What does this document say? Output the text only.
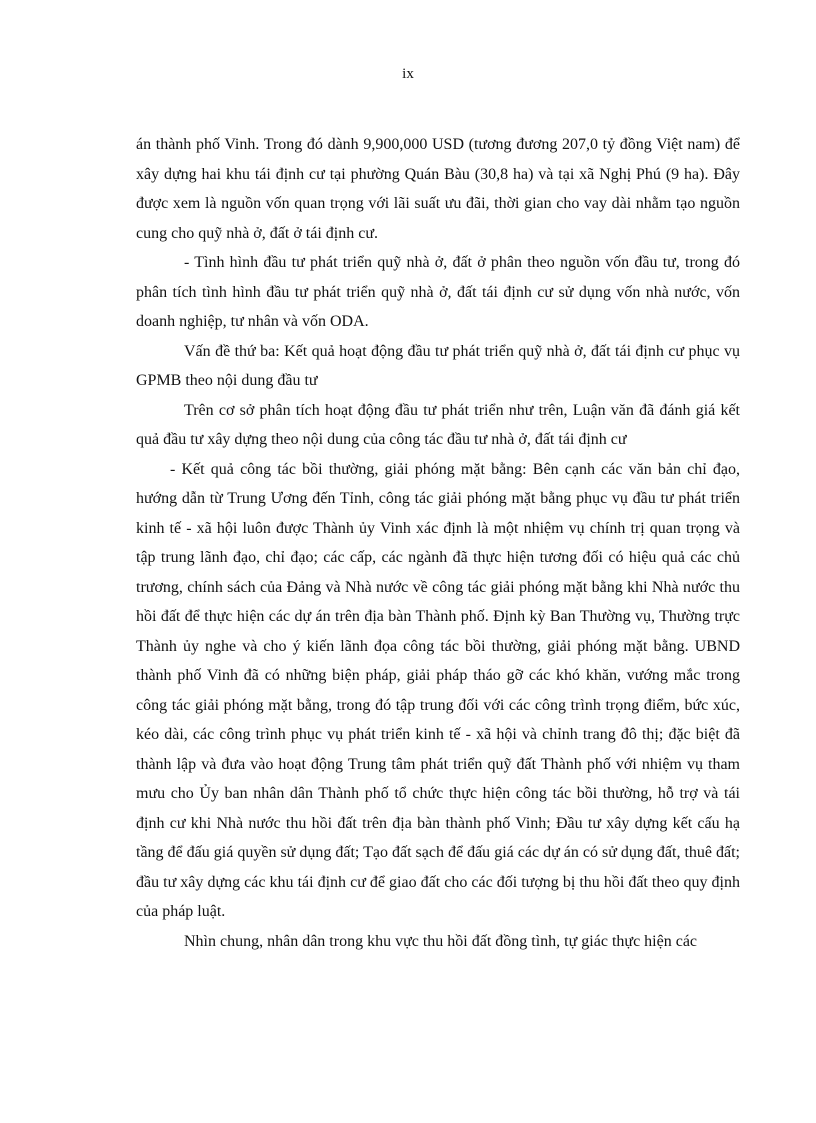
ix

án thành phố Vinh. Trong đó dành 9,900,000 USD (tương đương 207,0 tỷ đồng Việt nam) để xây dựng hai khu tái định cư tại phường Quán Bàu (30,8 ha) và tại xã Nghị Phú (9 ha). Đây được xem là nguồn vốn quan trọng với lãi suất ưu đãi, thời gian cho vay dài nhằm tạo nguồn cung cho quỹ nhà ở, đất ở tái định cư.

- Tình hình đầu tư phát triển quỹ nhà ở, đất ở phân theo nguồn vốn đầu tư, trong đó phân tích tình hình đầu tư phát triển quỹ nhà ở, đất tái định cư sử dụng vốn nhà nước, vốn doanh nghiệp, tư nhân và vốn ODA.

Vấn đề thứ ba: Kết quả hoạt động đầu tư phát triển quỹ nhà ở, đất tái định cư phục vụ GPMB theo nội dung đầu tư

Trên cơ sở phân tích hoạt động đầu tư phát triển như trên, Luận văn đã đánh giá kết quả đầu tư xây dựng theo nội dung của công tác đầu tư nhà ở, đất tái định cư

- Kết quả công tác bồi thường, giải phóng mặt bằng: Bên cạnh các văn bản chỉ đạo, hướng dẫn từ Trung Ương đến Tỉnh, công tác giải phóng mặt bằng phục vụ đầu tư phát triển kinh tế - xã hội luôn được Thành ủy Vinh xác định là một nhiệm vụ chính trị quan trọng và tập trung lãnh đạo, chỉ đạo; các cấp, các ngành đã thực hiện tương đối có hiệu quả các chủ trương, chính sách của Đảng và Nhà nước về công tác giải phóng mặt bằng khi Nhà nước thu hồi đất để thực hiện các dự án trên địa bàn Thành phố. Định kỳ Ban Thường vụ, Thường trực Thành ủy nghe và cho ý kiến lãnh đọa công tác bồi thường, giải phóng mặt bằng. UBND thành phố Vinh đã có những biện pháp, giải pháp tháo gỡ các khó khăn, vướng mắc trong công tác giải phóng mặt bằng, trong đó tập trung đối với các công trình trọng điểm, bức xúc, kéo dài, các công trình phục vụ phát triển kinh tế - xã hội và chỉnh trang đô thị; đặc biệt đã thành lập và đưa vào hoạt động Trung tâm phát triển quỹ đất Thành phố với nhiệm vụ tham mưu cho Ủy ban nhân dân Thành phố tổ chức thực hiện công tác bồi thường, hỗ trợ và tái định cư khi Nhà nước thu hồi đất trên địa bàn thành phố Vinh; Đầu tư xây dựng kết cấu hạ tầng để đấu giá quyền sử dụng đất; Tạo đất sạch để đấu giá các dự án có sử dụng đất, thuê đất; đầu tư xây dựng các khu tái định cư để giao đất cho các đối tượng bị thu hồi đất theo quy định của pháp luật.

Nhìn chung, nhân dân trong khu vực thu hồi đất đồng tình, tự giác thực hiện các
